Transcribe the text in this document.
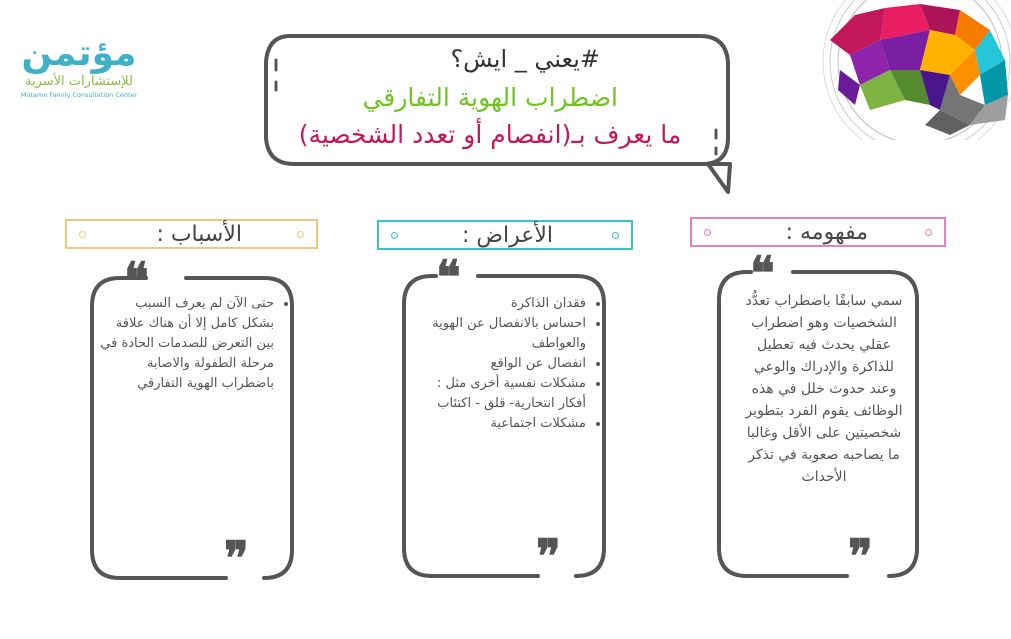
مؤتمن
للإستشارات الأسرية
Motamn Family Consultation Center
#يعني _ ايش؟
اضطراب الهوية التفارقي
ما يعرف بـ(انفصام أو تعدد الشخصية)
الأسباب :	الأعراض :	مفهومه :
❝
❞
• حتى الآن لم يعرف السبب بشكل كامل إلا أن هناك علاقة بين التعرض للصدمات الحادة في مرحلة الطفولة والاصابة باضطراب الهوية التفارقي
❝
❞
• فقدان الذاكرة
• احساس بالانفصال عن الهوية والعواطف
• انفصال عن الواقع
• مشكلات نفسية أخرى مثل : أفكار انتحارية- قلق - اكتئاب
• مشكلات اجتماعية
❝
❞
سمي سابقًا باضطراب تعدُّد الشخصيات وهو اضطراب عقلي يحدث فيه تعطيل للذاكرة والإدراك والوعي وعند حدوث خلل في هذه الوظائف يقوم الفرد بتطوير شخصيتين على الأقل وغالبا ما يصاحبه صعوبة في تذكر الأحداث
